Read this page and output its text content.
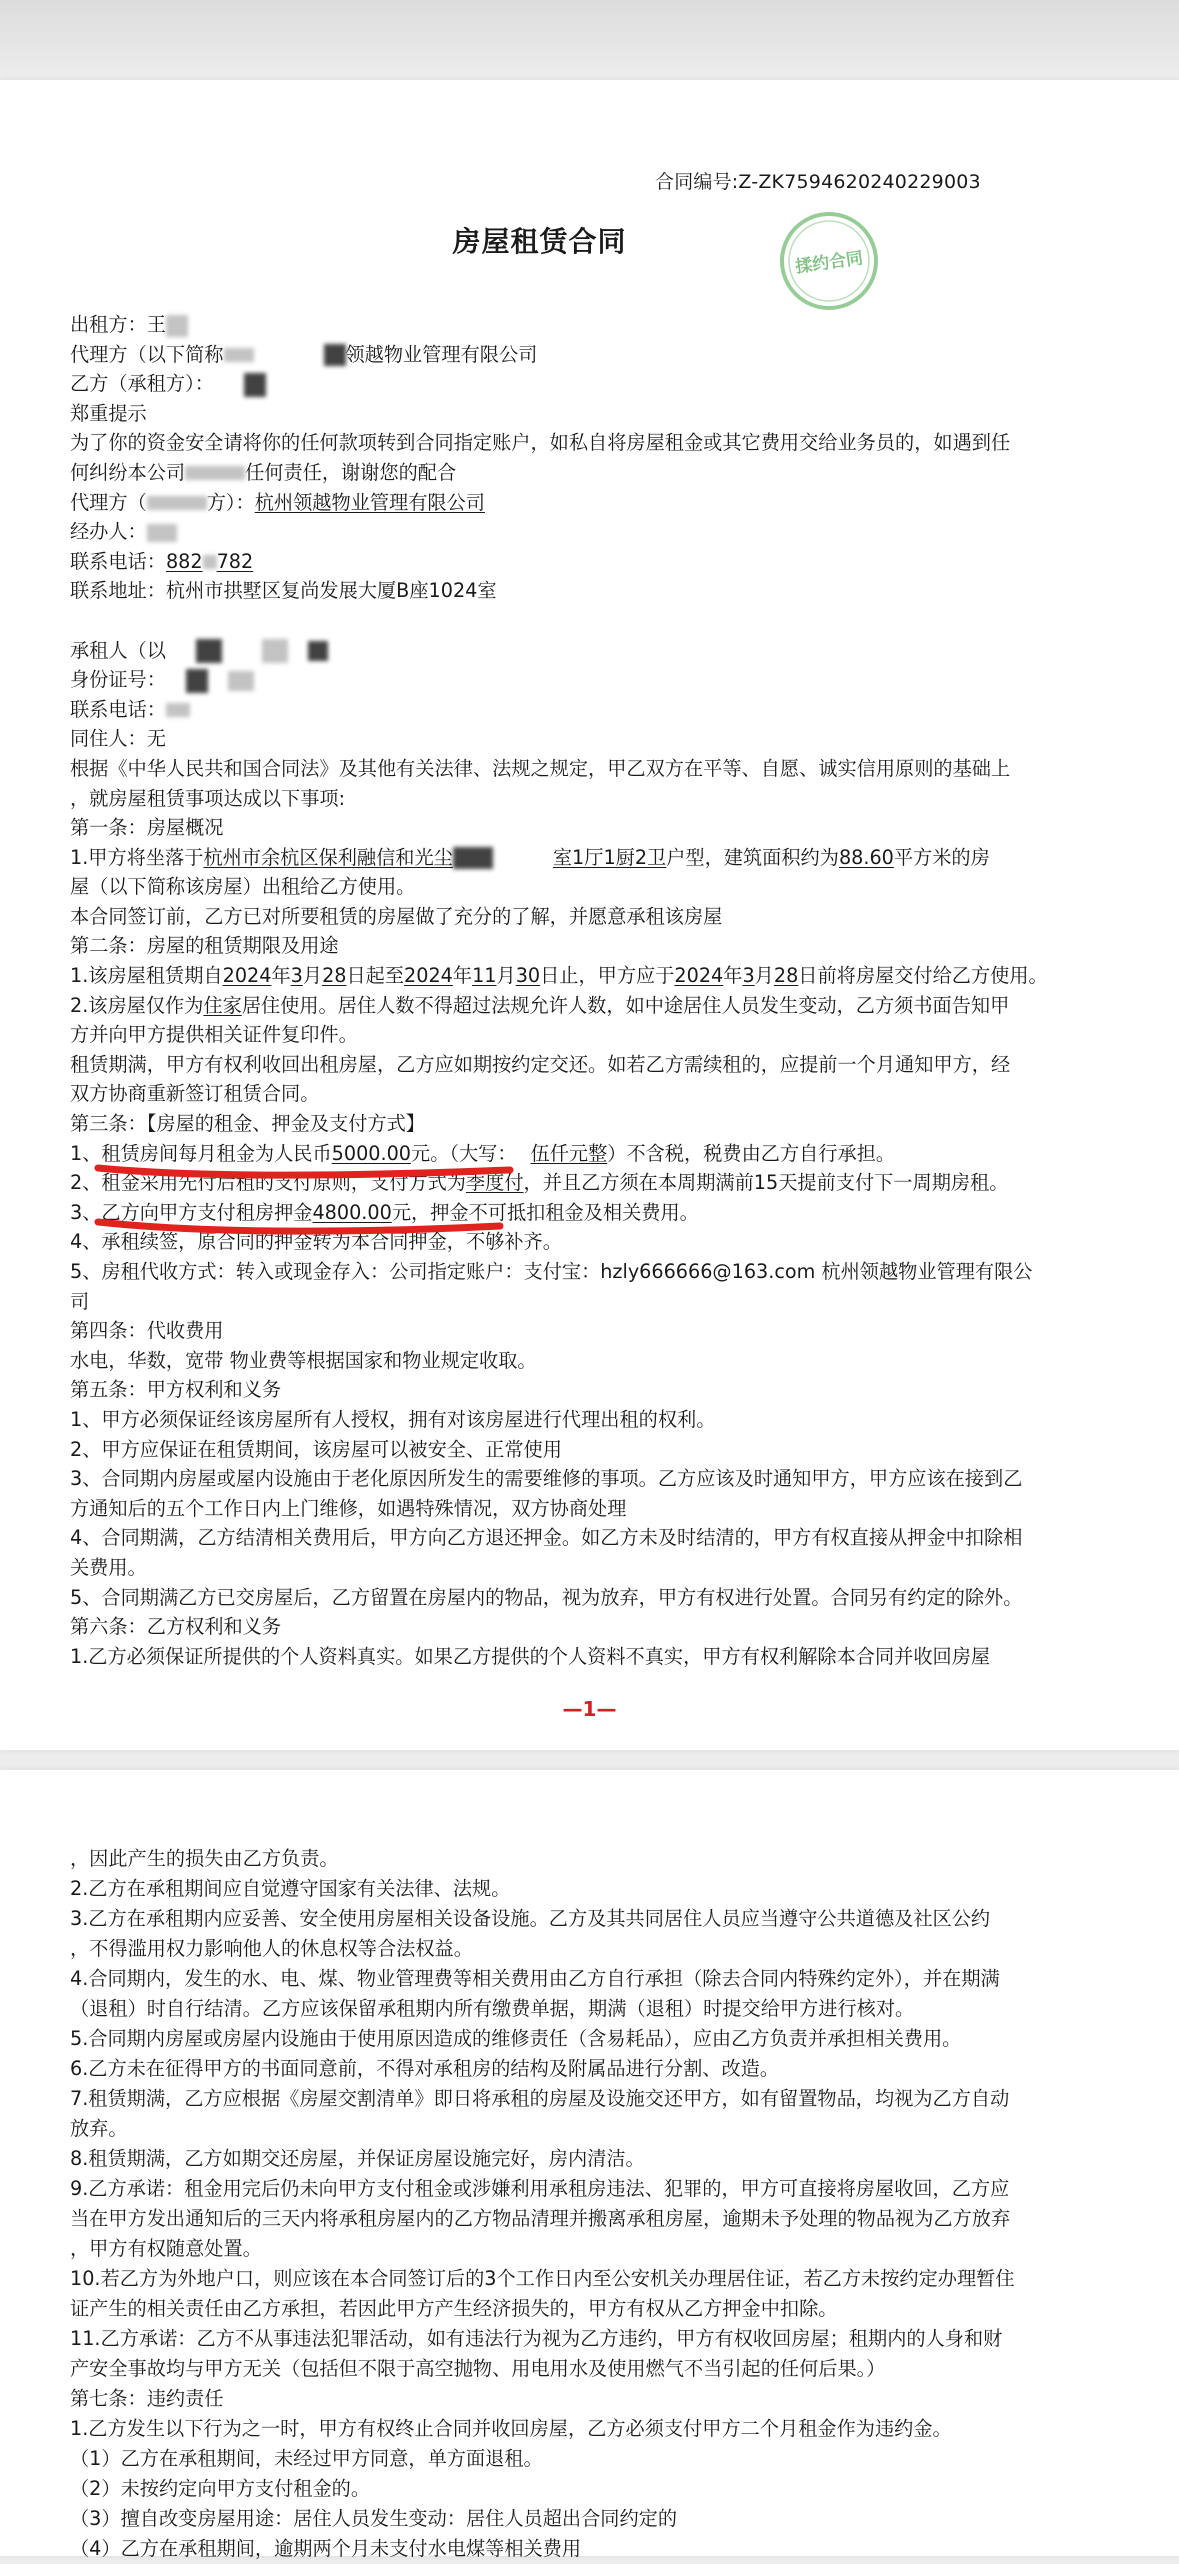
合同编号:Z-ZK7594620240229003
房屋租赁合同
揉约合同

出租方：王

代理方（以下简称	领越物业管理有限公司

乙方（承租方）：

郑重提示

为了你的资金安全请将你的任何款项转到合同指定账户，如私自将房屋租金或其它费用交给业务员的，如遇到任

何纠纷本公司	任何责任，谢谢您的配合

代理方（	方）：杭州领越物业管理有限公司

经办人：

联系电话：882 782

联系地址：杭州市拱墅区复尚发展大厦B座1024室

承租人（以

身份证号：

联系电话：

同住人：无

根据《中华人民共和国合同法》及其他有关法律、法规之规定，甲乙双方在平等、自愿、诚实信用原则的基础上

，就房屋租赁事项达成以下事项:

第一条：房屋概况

1.甲方将坐落于杭州市余杭区保利融信和光尘	室1厅1厨2卫户型，建筑面积约为88.60平方米的房

屋（以下简称该房屋）出租给乙方使用。

本合同签订前，乙方已对所要租赁的房屋做了充分的了解，并愿意承租该房屋

第二条：房屋的租赁期限及用途

1.该房屋租赁期自2024年3月28日起至2024年11月30日止，甲方应于2024年3月28日前将房屋交付给乙方使用。

2.该房屋仅作为住家居住使用。居住人数不得超过法规允许人数，如中途居住人员发生变动，乙方须书面告知甲

方并向甲方提供相关证件复印件。

租赁期满，甲方有权利收回出租房屋，乙方应如期按约定交还。如若乙方需续租的，应提前一个月通知甲方，经

双方协商重新签订租赁合同。

第三条：【房屋的租金、押金及支付方式】

1、租赁房间每月租金为人民币5000.00元。（大写： 伍仟元整）不含税，税费由乙方自行承担。

2、租金采用先付后租的支付原则，支付方式为季度付，并且乙方须在本周期满前15天提前支付下一周期房租。

3、乙方向甲方支付租房押金4800.00元，押金不可抵扣租金及相关费用。

4、承租续签，原合同的押金转为本合同押金，不够补齐。

5、房租代收方式：转入或现金存入：公司指定账户：支付宝：hzly666666@163.com 杭州领越物业管理有限公

司

第四条：代收费用

水电，华数，宽带 物业费等根据国家和物业规定收取。

第五条：甲方权利和义务

1、甲方必须保证经该房屋所有人授权，拥有对该房屋进行代理出租的权利。

2、甲方应保证在租赁期间，该房屋可以被安全、正常使用

3、合同期内房屋或屋内设施由于老化原因所发生的需要维修的事项。乙方应该及时通知甲方，甲方应该在接到乙

方通知后的五个工作日内上门维修，如遇特殊情况，双方协商处理

4、合同期满，乙方结清相关费用后，甲方向乙方退还押金。如乙方未及时结清的，甲方有权直接从押金中扣除相

关费用。

5、合同期满乙方已交房屋后，乙方留置在房屋内的物品，视为放弃，甲方有权进行处置。合同另有约定的除外。

第六条：乙方权利和义务

1.乙方必须保证所提供的个人资料真实。如果乙方提供的个人资料不真实，甲方有权利解除本合同并收回房屋

—1—

，因此产生的损失由乙方负责。

2.乙方在承租期间应自觉遵守国家有关法律、法规。

3.乙方在承租期内应妥善、安全使用房屋相关设备设施。乙方及其共同居住人员应当遵守公共道德及社区公约

，不得滥用权力影响他人的休息权等合法权益。

4.合同期内，发生的水、电、煤、物业管理费等相关费用由乙方自行承担（除去合同内特殊约定外），并在期满

（退租）时自行结清。乙方应该保留承租期内所有缴费单据，期满（退租）时提交给甲方进行核对。

5.合同期内房屋或房屋内设施由于使用原因造成的维修责任（含易耗品），应由乙方负责并承担相关费用。

6.乙方未在征得甲方的书面同意前，不得对承租房的结构及附属品进行分割、改造。

7.租赁期满，乙方应根据《房屋交割清单》即日将承租的房屋及设施交还甲方，如有留置物品，均视为乙方自动

放弃。

8.租赁期满，乙方如期交还房屋，并保证房屋设施完好，房内清洁。

9.乙方承诺：租金用完后仍未向甲方支付租金或涉嫌利用承租房违法、犯罪的，甲方可直接将房屋收回，乙方应

当在甲方发出通知后的三天内将承租房屋内的乙方物品清理并搬离承租房屋，逾期未予处理的物品视为乙方放弃

，甲方有权随意处置。

10.若乙方为外地户口，则应该在本合同签订后的3个工作日内至公安机关办理居住证，若乙方未按约定办理暂住

证产生的相关责任由乙方承担，若因此甲方产生经济损失的，甲方有权从乙方押金中扣除。

11.乙方承诺：乙方不从事违法犯罪活动，如有违法行为视为乙方违约，甲方有权收回房屋；租期内的人身和财

产安全事故均与甲方无关（包括但不限于高空抛物、用电用水及使用燃气不当引起的任何后果。）

第七条：违约责任

1.乙方发生以下行为之一时，甲方有权终止合同并收回房屋，乙方必须支付甲方二个月租金作为违约金。

（1）乙方在承租期间，未经过甲方同意，单方面退租。

（2）未按约定向甲方支付租金的。

（3）擅自改变房屋用途：居住人员发生变动：居住人员超出合同约定的

（4）乙方在承租期间，逾期两个月未支付水电煤等相关费用
